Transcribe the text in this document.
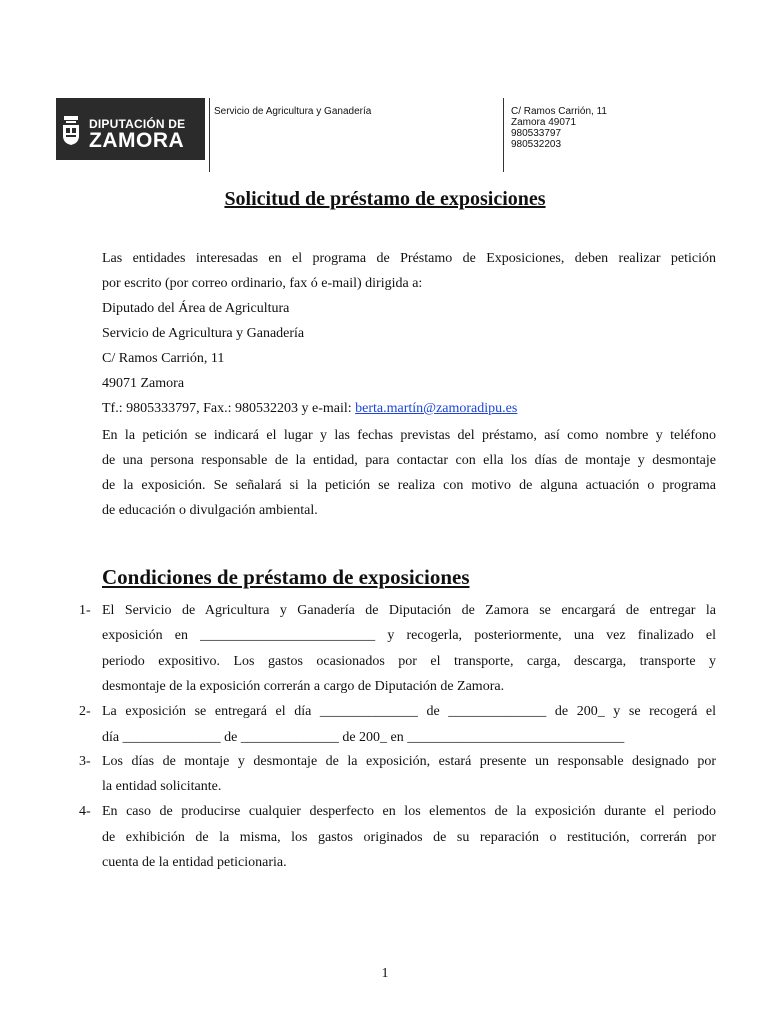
DIPUTACIÓN DE
ZAMORA
Servicio de Agricultura y Ganadería	C/ Ramos Carrión, 11
Zamora 49071
980533797
980532203
Solicitud de préstamo de exposiciones
Las entidades interesadas en el programa de Préstamo de Exposiciones, deben realizar petición
por escrito (por correo ordinario, fax ó e-mail) dirigida a:
Diputado del Área de Agricultura
Servicio de Agricultura y Ganadería
C/ Ramos Carrión, 11
49071 Zamora
Tf.: 9805333797, Fax.: 980532203 y e-mail: berta.martín@zamoradipu.es
En la petición se indicará el lugar y las fechas previstas del préstamo, así como nombre y teléfono
de una persona responsable de la entidad, para contactar con ella los días de montaje y desmontaje
de la exposición. Se señalará si la petición se realiza con motivo de alguna actuación o programa
de educación o divulgación ambiental.
Condiciones de préstamo de exposiciones
1- El Servicio de Agricultura y Ganadería de Diputación de Zamora se encargará de entregar la
exposición en _________________________ y recogerla, posteriormente, una vez finalizado el
periodo expositivo. Los gastos ocasionados por el transporte, carga, descarga, transporte y
desmontaje de la exposición correrán a cargo de Diputación de Zamora.
2- La exposición se entregará el día ______________ de ______________ de 200_ y se recogerá el
día ______________ de ______________ de 200_ en _______________________________
3- Los días de montaje y desmontaje de la exposición, estará presente un responsable designado por
la entidad solicitante.
4- En caso de producirse cualquier desperfecto en los elementos de la exposición durante el periodo
de exhibición de la misma, los gastos originados de su reparación o restitución, correrán por
cuenta de la entidad peticionaria.
1
